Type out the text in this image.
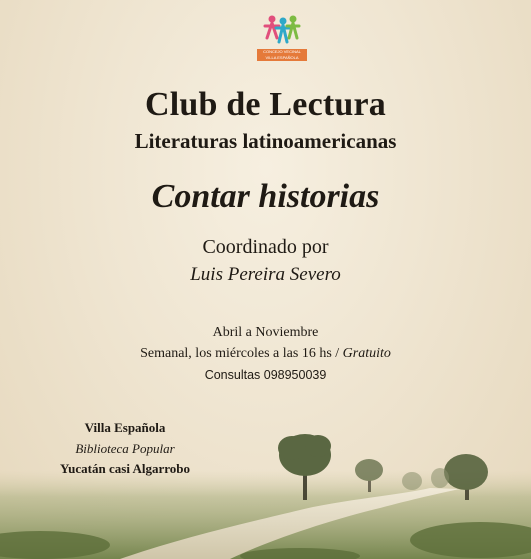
CONCEJO VECINAL
VILLA ESPAÑOLA
Club de Lectura
Literaturas latinoamericanas
Contar historias
Coordinado por
Luis Pereira Severo
Abril a Noviembre
Semanal, los miércoles a las 16 hs / Gratuito
Consultas 098950039
Villa Española
Biblioteca Popular
Yucatán casi Algarrobo
